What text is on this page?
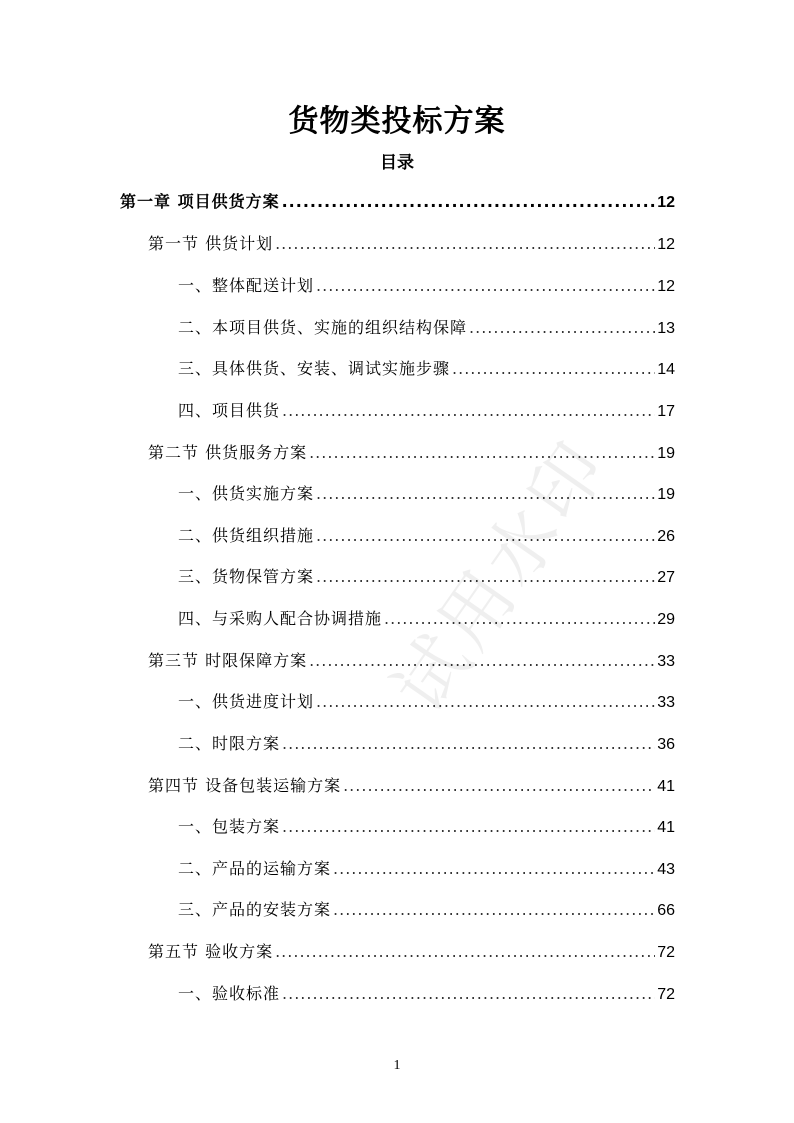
货物类投标方案
目录
试用水印
第一章 项目供货方案 .....	12
第一节 供货计划 .....	12
一、整体配送计划 .....	12
二、本项目供货、实施的组织结构保障 .....	13
三、具体供货、安装、调试实施步骤 .....	14
四、项目供货 .....	17
第二节 供货服务方案 .....	19
一、供货实施方案 .....	19
二、供货组织措施 .....	26
三、货物保管方案 .....	27
四、与采购人配合协调措施 .....	29
第三节 时限保障方案 .....	33
一、供货进度计划 .....	33
二、时限方案 .....	36
第四节 设备包装运输方案 .....	41
一、包装方案 .....	41
二、产品的运输方案 .....	43
三、产品的安装方案 .....	66
第五节 验收方案 .....	72
一、验收标准 .....	72
1
